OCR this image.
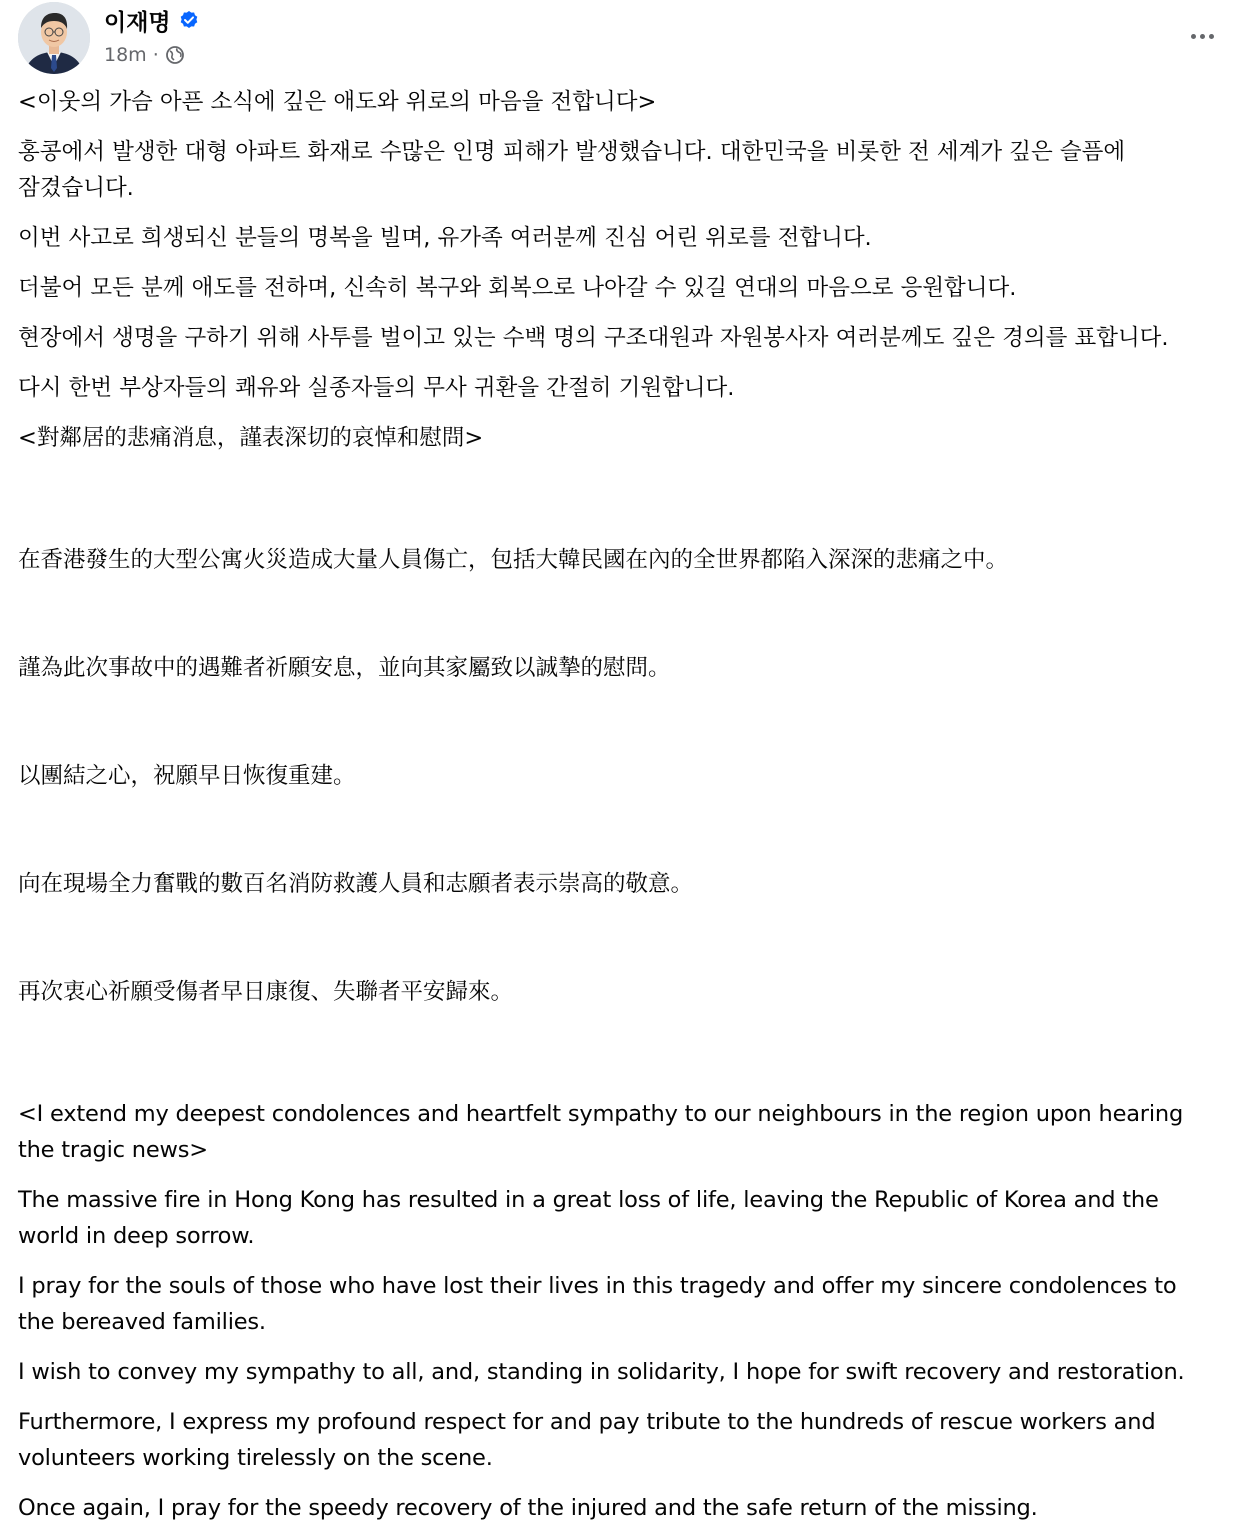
이재명
18m ·

<이웃의 가슴 아픈 소식에 깊은 애도와 위로의 마음을 전합니다>

홍콩에서 발생한 대형 아파트 화재로 수많은 인명 피해가 발생했습니다. 대한민국을 비롯한 전 세계가 깊은 슬픔에 잠겼습니다.

이번 사고로 희생되신 분들의 명복을 빌며, 유가족 여러분께 진심 어린 위로를 전합니다.

더불어 모든 분께 애도를 전하며, 신속히 복구와 회복으로 나아갈 수 있길 연대의 마음으로 응원합니다.

현장에서 생명을 구하기 위해 사투를 벌이고 있는 수백 명의 구조대원과 자원봉사자 여러분께도 깊은 경의를 표합니다.

다시 한번 부상자들의 쾌유와 실종자들의 무사 귀환을 간절히 기원합니다.

<對鄰居的悲痛消息，謹表深切的哀悼和慰問>

在香港發生的大型公寓火災造成大量人員傷亡，包括大韓民國在內的全世界都陷入深深的悲痛之中。

謹為此次事故中的遇難者祈願安息，並向其家屬致以誠摯的慰問。

以團結之心，祝願早日恢復重建。

向在現場全力奮戰的數百名消防救護人員和志願者表示崇高的敬意。

再次衷心祈願受傷者早日康復、失聯者平安歸來。

<I extend my deepest condolences and heartfelt sympathy to our neighbours in the region upon hearing the tragic news>

The massive fire in Hong Kong has resulted in a great loss of life, leaving the Republic of Korea and the world in deep sorrow.

I pray for the souls of those who have lost their lives in this tragedy and offer my sincere condolences to the bereaved families.

I wish to convey my sympathy to all, and, standing in solidarity, I hope for swift recovery and restoration.

Furthermore, I express my profound respect for and pay tribute to the hundreds of rescue workers and volunteers working tirelessly on the scene.

Once again, I pray for the speedy recovery of the injured and the safe return of the missing.
